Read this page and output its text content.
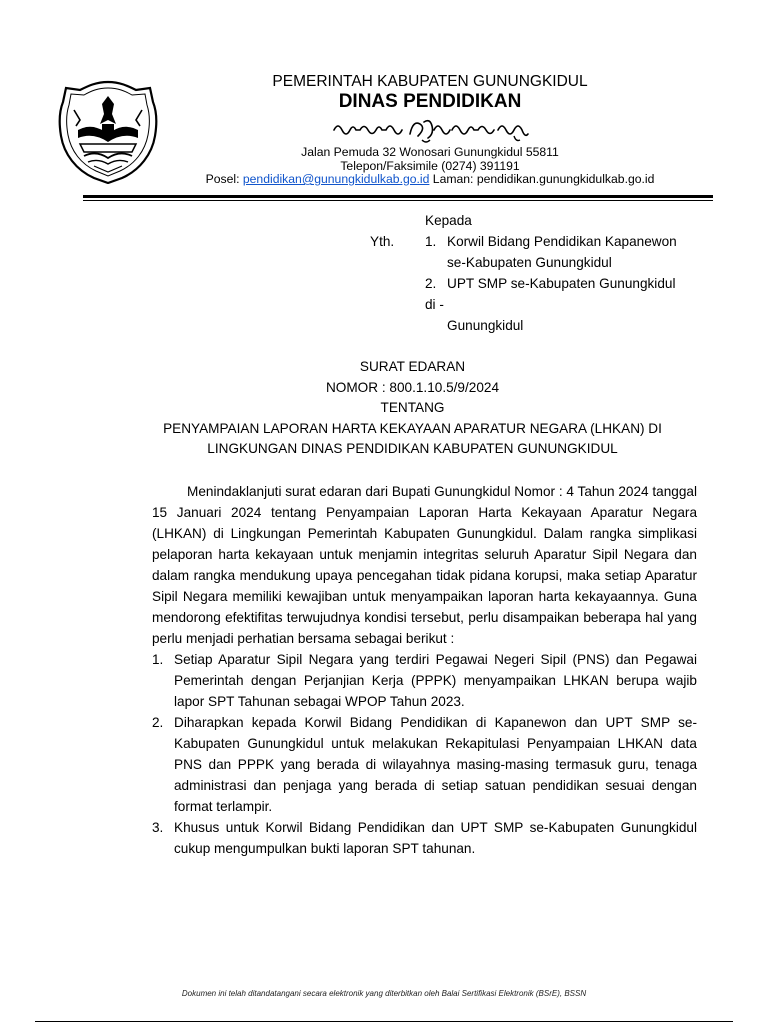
PEMERINTAH KABUPATEN GUNUNGKIDUL
DINAS PENDIDIKAN
Jalan Pemuda 32 Wonosari Gunungkidul 55811
Telepon/Faksimile (0274) 391191
Posel: pendidikan@gunungkidulkab.go.id Laman: pendidikan.gunungkidulkab.go.id
Kepada
Yth. 1. Korwil Bidang Pendidikan Kapanewon
se-Kabupaten Gunungkidul
2. UPT SMP se-Kabupaten Gunungkidul
di -
Gunungkidul
SURAT EDARAN
NOMOR : 800.1.10.5/9/2024
TENTANG
PENYAMPAIAN LAPORAN HARTA KEKAYAAN APARATUR NEGARA (LHKAN) DI
LINGKUNGAN DINAS PENDIDIKAN KABUPATEN GUNUNGKIDUL

Menindaklanjuti surat edaran dari Bupati Gunungkidul Nomor : 4 Tahun 2024 tanggal 15 Januari 2024 tentang Penyampaian Laporan Harta Kekayaan Aparatur Negara (LHKAN) di Lingkungan Pemerintah Kabupaten Gunungkidul. Dalam rangka simplikasi pelaporan harta kekayaan untuk menjamin integritas seluruh Aparatur Sipil Negara dan dalam rangka mendukung upaya pencegahan tidak pidana korupsi, maka setiap Aparatur Sipil Negara memiliki kewajiban untuk menyampaikan laporan harta kekayaannya. Guna mendorong efektifitas terwujudnya kondisi tersebut, perlu disampaikan beberapa hal yang perlu menjadi perhatian bersama sebagai berikut :

1. Setiap Aparatur Sipil Negara yang terdiri Pegawai Negeri Sipil (PNS) dan Pegawai Pemerintah dengan Perjanjian Kerja (PPPK) menyampaikan LHKAN berupa wajib lapor SPT Tahunan sebagai WPOP Tahun 2023.
2. Diharapkan kepada Korwil Bidang Pendidikan di Kapanewon dan UPT SMP se-Kabupaten Gunungkidul untuk melakukan Rekapitulasi Penyampaian LHKAN data PNS dan PPPK yang berada di wilayahnya masing-masing termasuk guru, tenaga administrasi dan penjaga yang berada di setiap satuan pendidikan sesuai dengan format terlampir.
3. Khusus untuk Korwil Bidang Pendidikan dan UPT SMP se-Kabupaten Gunungkidul cukup mengumpulkan bukti laporan SPT tahunan.
Dokumen ini telah ditandatangani secara elektronik yang diterbitkan oleh Balai Sertifikasi Elektronik (BSrE), BSSN
